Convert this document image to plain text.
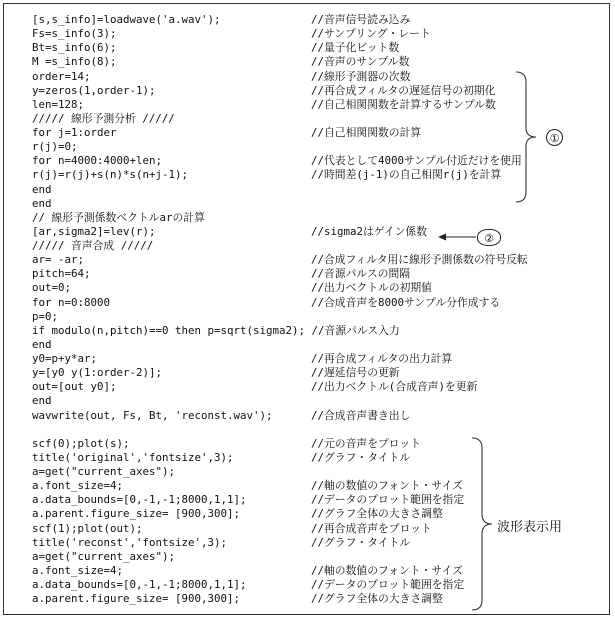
[s,s_info]=loadwave('a.wav');	//音声信号読み込み
Fs=s_info(3);	//サンプリング・レート
Bt=s_info(6);	//量子化ビット数
M =s_info(8);	//音声のサンプル数
order=14;	//線形予測器の次数
y=zeros(1,order-1);	//再合成フィルタの遅延信号の初期化
len=128;	//自己相関関数を計算するサンプル数
///// 線形予測分析 /////
for j=1:order	//自己相関関数の計算
r(j)=0;
for n=4000:4000+len;	//代表として4000サンプル付近だけを使用
r(j)=r(j)+s(n)*s(n+j-1);	//時間差(j-1)の自己相関r(j)を計算
end
end
// 線形予測係数ベクトルarの計算
[ar,sigma2]=lev(r);	//sigma2はゲイン係数
///// 音声合成 /////
ar= -ar;	//合成フィルタ用に線形予測係数の符号反転
pitch=64;	//音源パルスの間隔
out=0;	//出力ベクトルの初期値
for n=0:8000	//合成音声を8000サンプル分作成する
p=0;
if modulo(n,pitch)==0 then p=sqrt(sigma2); //音源パルス入力
end
y0=p+y*ar;	//再合成フィルタの出力計算
y=[y0 y(1:order-2)];	//遅延信号の更新
out=[out y0];	//出力ベクトル(合成音声)を更新
end
wavwrite(out, Fs, Bt, 'reconst.wav');	//合成音声書き出し
scf(0);plot(s);	//元の音声をプロット
title('original','fontsize',3);	//グラフ・タイトル
a=get("current_axes");
a.font_size=4;	//軸の数値のフォント・サイズ
a.data_bounds=[0,-1,-1;8000,1,1];	//データのプロット範囲を指定
a.parent.figure_size= [900,300];	//グラフ全体の大きさ調整
scf(1);plot(out);	//再合成音声をプロット
title('reconst','fontsize',3);	//グラフ・タイトル
a=get("current_axes");
a.font_size=4;	//軸の数値のフォント・サイズ
a.data_bounds=[0,-1,-1;8000,1,1];	//データのプロット範囲を指定
a.parent.figure_size= [900,300];	//グラフ全体の大きさ調整
①
②
波形表示用
